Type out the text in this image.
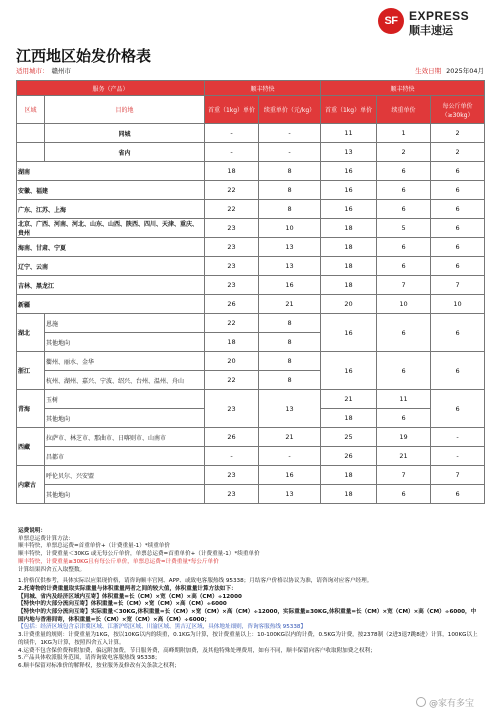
SF EXPRESS
顺丰速运
江西地区始发价格表
适用城市： 赣州市	生效日期 2025年04月
服务（产品）		顺丰特快		顺丰特快		
区域	目的地	首重（1kg）单价	续重单价（元/kg）	首重（1kg）单价	续重单价	每公斤单价（≥30kg）
	同城	-	-	11	1	2
	省内	-	-	13	2	2
湖南		18	8	16	6	6
安徽、福建		22	8	16	6	6
广东、江苏、上海		22	8	16	6	6
北京、广西、河南、河北、山东、山西、陕西、四川、天津、重庆、贵州		23	10	18	5	6
海南、甘肃、宁夏		23	13	18	6	6
辽宁、云南		23	13	18	6	6
吉林、黑龙江		23	16	18	7	7
新疆		26	21	20	10	10
湖北	恩施	22	8	16	6	6
	其他地向	18	8			
浙江	衢州、丽水、金华	20	8	16	6	6
	杭州、湖州、嘉兴、宁波、绍兴、台州、温州、舟山	22	8			
青海	玉树	23	13	21	11	6
	其他地向			18	6	
西藏	拉萨市、林芝市、那曲市、日喀则市、山南市	26	21	25	19	-
	昌都市	-	-	26	21	-
内蒙古	呼伦贝尔、兴安盟	23	16	18	7	7
	其他地向	23	13	18	6	6
运费说明：
单票总运费计算方法：
顺丰特快，单票总运费=首重单价+（计费重量-1）*续重单价
顺丰特快，计费重量＜30KG 或无每公斤单价，单票总运费=首重单价+（计费重量-1）*续重单价
顺丰特快，计费重量≥30KG且有每公斤单价，单票总运费=计费重量*每公斤单价
计算结果四舍五入取整数。
1.价格仅供参考，具体实际以应渠现价格，请咨询顺丰官网、APP、或致电客服热线 95338；月结客户价格以协议为准，请咨询对应客户经理。
2.托寄物的计费重量取实际重量与体积重量两者之间的较大值，体积重量计算方法如下：
【同城、省内及经济区域内互寄】体积重量=长（CM）×宽（CM）×高（CM）÷12000
【特快中的大部分流向互寄】体积重量=长（CM）×宽（CM）×高（CM）÷6000
【特快中的大部分流向互寄】实际重量＜30KG,体积重量=长（CM）×宽（CM）×高（CM）÷12000，实际重量≥30KG,体积重量=长（CM）×宽（CM）×高（CM）÷6000，中国内地与香港间寄，体积重量=长（CM）×宽（CM）×高（CM）÷6000；
【包括：经济区域包含京津冀区域、江浙沪皖区域、川渝区域、黑吉辽区域，具体地址细则，咨询客服热线 95338】
3.计费重量的规则：计费重量为1KG，按以10KG以内的续重，0.1KG为计算，按计费重量以上：10-100KG以内的计费，0.5KG为计费，按2378制（2进3退7跳8进）计算，100KG以上的续件，1KG为计算，按照四舍五入计算。
4.运费不包含保价费和附加费，偏远附加费，节日服务费，高峰期附加费，及其他特殊处理费用，如有不同，顺丰保留向客户收取附加费之权利；
5.产品具体收派服务范围，请咨询致电客服热线 95338；
6.顺丰保留对标准价的解释权，按业服务及修改有关条款之权利；
@家有多宝
